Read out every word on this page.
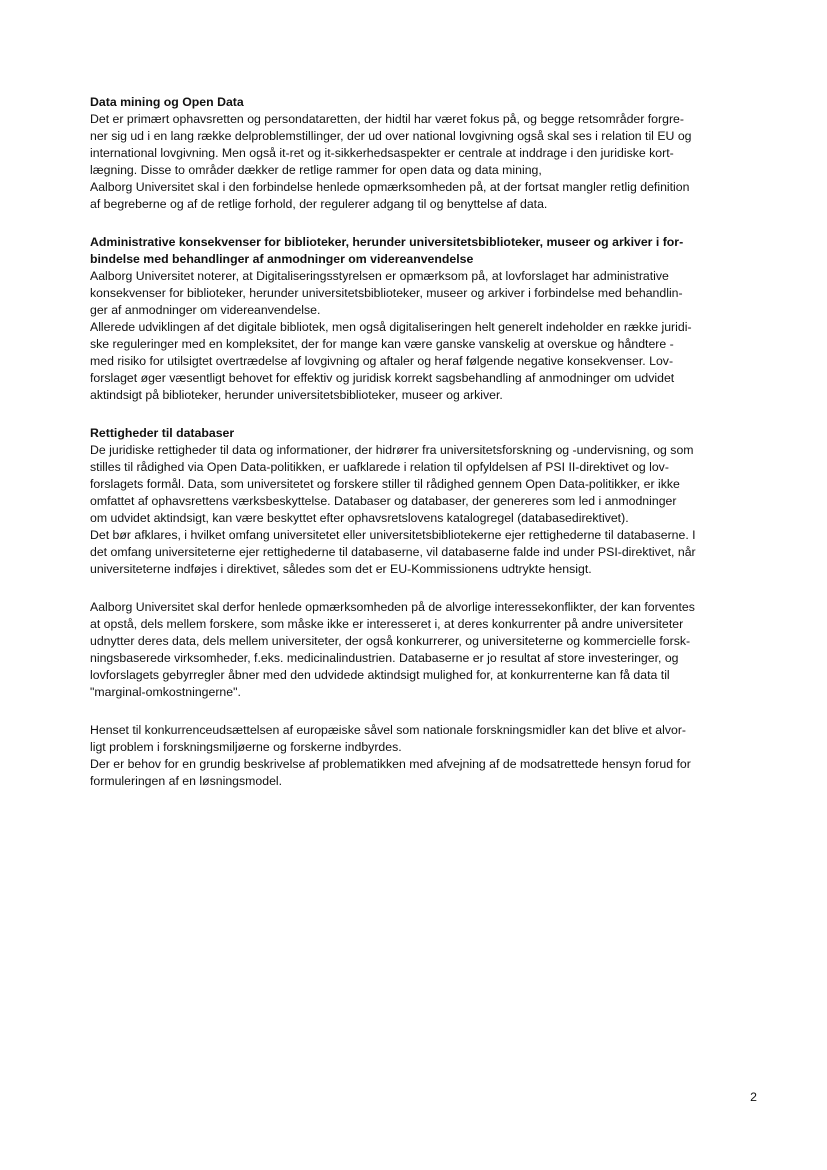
Data mining og Open Data
Det er primært ophavsretten og persondataretten, der hidtil har været fokus på, og begge retsområder forgre-
ner sig ud i en lang række delproblemstillinger, der ud over national lovgivning også skal ses i relation til EU og
international lovgivning. Men også it-ret og it-sikkerhedsaspekter er centrale at inddrage i den juridiske kort-
lægning. Disse to områder dækker de retlige rammer for open data og data mining,
Aalborg Universitet skal i den forbindelse henlede opmærksomheden på, at der fortsat mangler retlig definition
af begreberne og af de retlige forhold, der regulerer adgang til og benyttelse af data.
Administrative konsekvenser for biblioteker, herunder universitetsbiblioteker, museer og arkiver i for-
bindelse med behandlinger af anmodninger om videreanvendelse
Aalborg Universitet noterer, at Digitaliseringsstyrelsen er opmærksom på, at lovforslaget har administrative
konsekvenser for biblioteker, herunder universitetsbiblioteker, museer og arkiver i forbindelse med behandlin-
ger af anmodninger om videreanvendelse.
Allerede udviklingen af det digitale bibliotek, men også digitaliseringen helt generelt indeholder en række juridi-
ske reguleringer med en kompleksitet, der for mange kan være ganske vanskelig at overskue og håndtere -
med risiko for utilsigtet overtrædelse af lovgivning og aftaler og heraf følgende negative konsekvenser. Lov-
forslaget øger væsentligt behovet for effektiv og juridisk korrekt sagsbehandling af anmodninger om udvidet
aktindsigt på biblioteker, herunder universitetsbiblioteker, museer og arkiver.
Rettigheder til databaser
De juridiske rettigheder til data og informationer, der hidrører fra universitetsforskning og -undervisning, og som
stilles til rådighed via Open Data-politikken, er uafklarede i relation til opfyldelsen af PSI II-direktivet og lov-
forslagets formål. Data, som universitetet og forskere stiller til rådighed gennem Open Data-politikker, er ikke
omfattet af ophavsrettens værksbeskyttelse. Databaser og databaser, der genereres som led i anmodninger
om udvidet aktindsigt, kan være beskyttet efter ophavsretslovens katalogregel (databasedirektivet).
Det bør afklares, i hvilket omfang universitetet eller universitetsbibliotekerne ejer rettighederne til databaserne. I
det omfang universiteterne ejer rettighederne til databaserne, vil databaserne falde ind under PSI-direktivet, når
universiteterne indføjes i direktivet, således som det er EU-Kommissionens udtrykte hensigt.
Aalborg Universitet skal derfor henlede opmærksomheden på de alvorlige interessekonflikter, der kan forventes
at opstå, dels mellem forskere, som måske ikke er interesseret i, at deres konkurrenter på andre universiteter
udnytter deres data, dels mellem universiteter, der også konkurrerer, og universiteterne og kommercielle forsk-
ningsbaserede virksomheder, f.eks. medicinalindustrien. Databaserne er jo resultat af store investeringer, og
lovforslagets gebyrregler åbner med den udvidede aktindsigt mulighed for, at konkurrenterne kan få data til
"marginal-omkostningerne".
Henset til konkurrenceudsættelsen af europæiske såvel som nationale forskningsmidler kan det blive et alvor-
ligt problem i forskningsmiljøerne og forskerne indbyrdes.
Der er behov for en grundig beskrivelse af problematikken med afvejning af de modsatrettede hensyn forud for
formuleringen af en løsningsmodel.
2
